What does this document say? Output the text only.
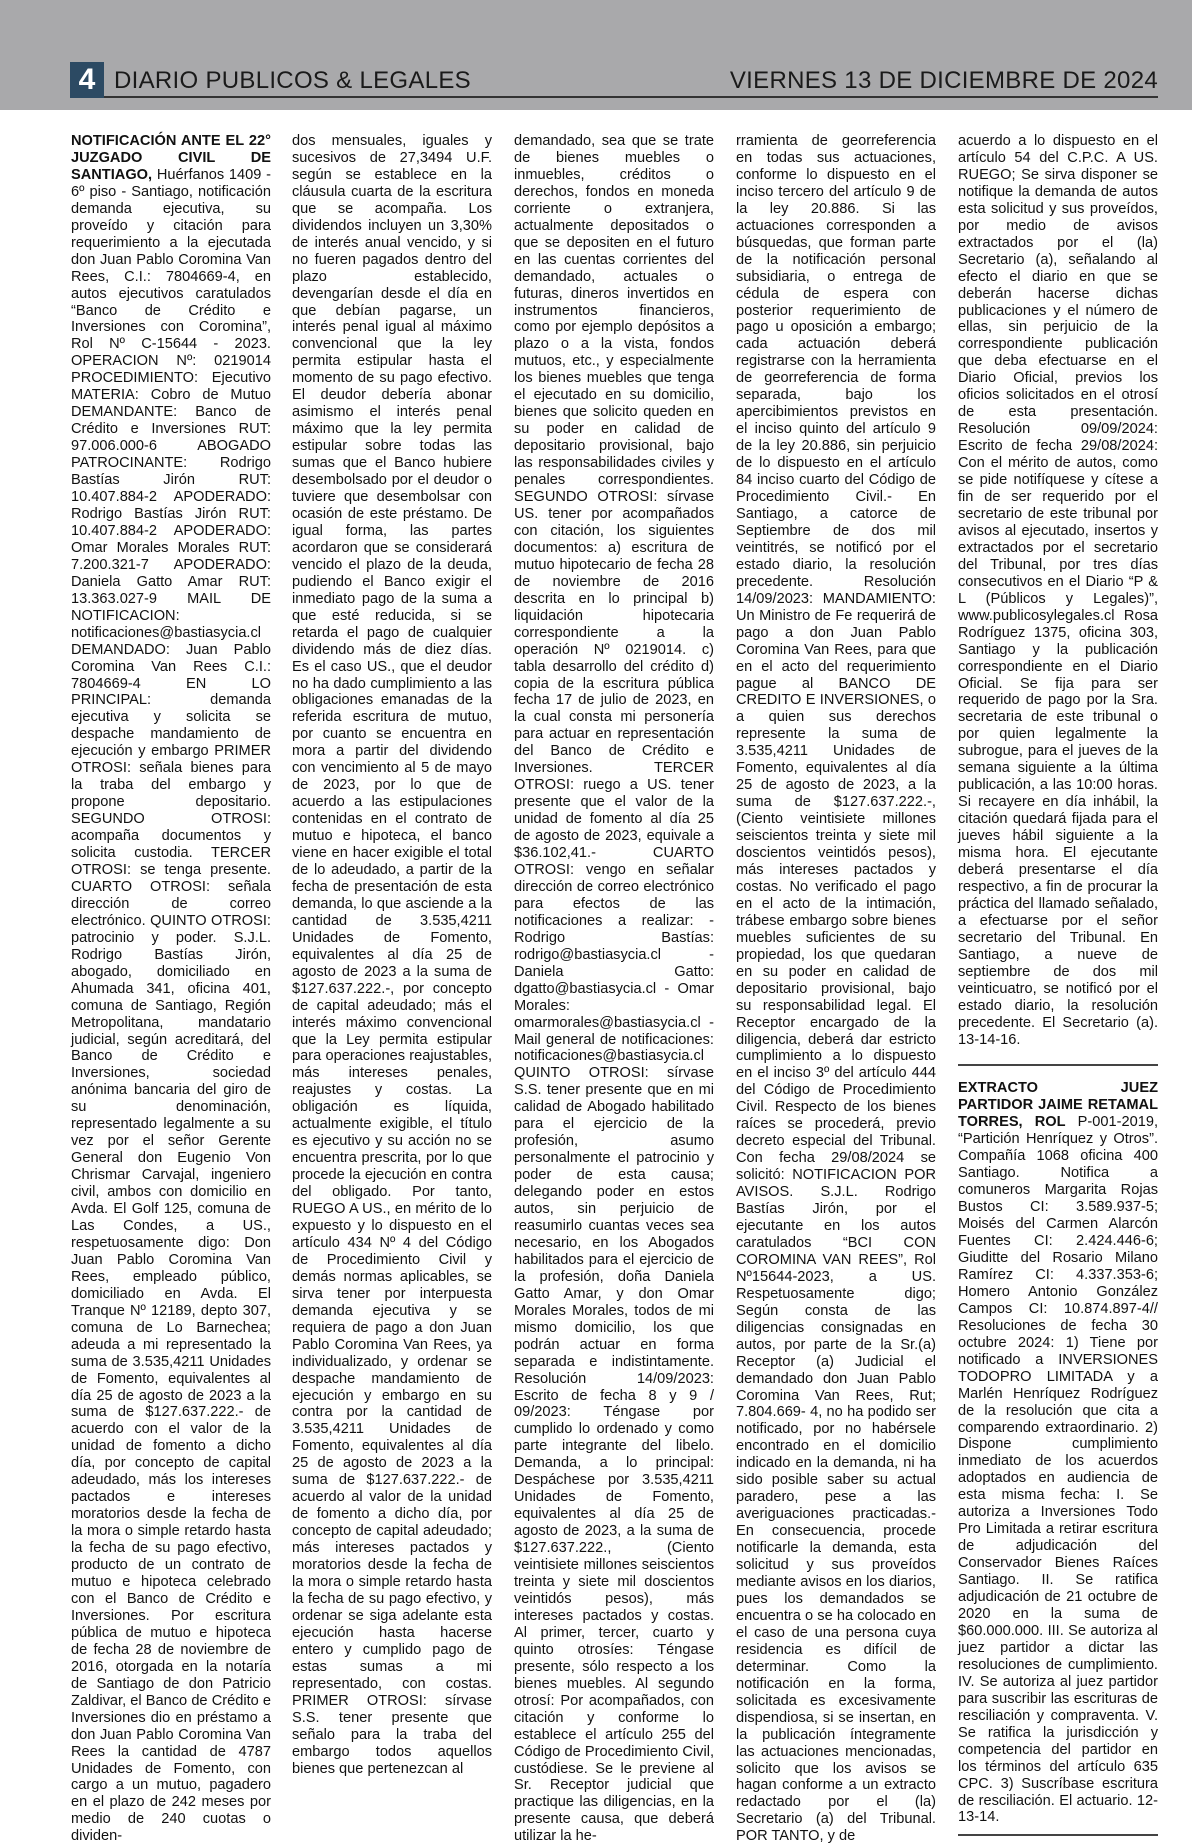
4 DIARIO PUBLICOS & LEGALES	VIERNES 13 DE DICIEMBRE DE 2024

NOTIFICACIÓN ANTE EL 22° JUZGADO CIVIL DE SANTIAGO, Huérfanos 1409 - 6º piso - Santiago, notificación demanda ejecutiva, su proveído y citación para requerimiento a la ejecutada don Juan Pablo Coromina Van Rees, C.I.: 7804669-4, en autos ejecutivos caratulados “Banco de Crédito e Inversiones con Coromina”, Rol Nº C-15644 - 2023. OPERACION Nº: 0219014 PROCEDIMIENTO: Ejecutivo MATERIA: Cobro de Mutuo DEMANDANTE: Banco de Crédito e Inversiones RUT: 97.006.000-6 ABOGADO PATROCINANTE: Rodrigo Bastías Jirón RUT: 10.407.884-2 APODERADO: Rodrigo Bastías Jirón RUT: 10.407.884-2 APODERADO: Omar Morales Morales RUT: 7.200.321-7 APODERADO: Daniela Gatto Amar RUT: 13.363.027-9 MAIL DE NOTIFICACION: notificaciones@bastiasycia.cl DEMANDADO: Juan Pablo Coromina Van Rees C.I.: 7804669-4 EN LO PRINCIPAL: demanda ejecutiva y solicita se despache mandamiento de ejecución y embargo PRIMER OTROSI: señala bienes para la traba del embargo y propone depositario. SEGUNDO OTROSI: acompaña documentos y solicita custodia. TERCER OTROSI: se tenga presente. CUARTO OTROSI: señala dirección de correo electrónico. QUINTO OTROSI: patrocinio y poder. S.J.L. Rodrigo Bastías Jirón, abogado, domiciliado en Ahumada 341, oficina 401, comuna de Santiago, Región Metropolitana, mandatario judicial, según acreditará, del Banco de Crédito e Inversiones, sociedad anónima bancaria del giro de su denominación, representado legalmente a su vez por el señor Gerente General don Eugenio Von Chrismar Carvajal, ingeniero civil, ambos con domicilio en Avda. El Golf 125, comuna de Las Condes, a US., respetuosamente digo: Don Juan Pablo Coromina Van Rees, empleado público, domiciliado en Avda. El Tranque Nº 12189, depto 307, comuna de Lo Barnechea; adeuda a mi representado la suma de 3.535,4211 Unidades de Fomento, equivalentes al día 25 de agosto de 2023 a la suma de $127.637.222.- de acuerdo con el valor de la unidad de fomento a dicho día, por concepto de capital adeudado, más los intereses pactados e intereses moratorios desde la fecha de la mora o simple retardo hasta la fecha de su pago efectivo, producto de un contrato de mutuo e hipoteca celebrado con el Banco de Crédito e Inversiones. Por escritura pública de mutuo e hipoteca de fecha 28 de noviembre de 2016, otorgada en la notaría de Santiago de don Patricio Zaldivar, el Banco de Crédito e Inversiones dio en préstamo a don Juan Pablo Coromina Van Rees la cantidad de 4787 Unidades de Fomento, con cargo a un mutuo, pagadero en el plazo de 242 meses por medio de 240 cuotas o dividen-

dos mensuales, iguales y sucesivos de 27,3494 U.F. según se establece en la cláusula cuarta de la escritura que se acompaña. Los dividendos incluyen un 3,30% de interés anual vencido, y si no fueren pagados dentro del plazo establecido, devengarían desde el día en que debían pagarse, un interés penal igual al máximo convencional que la ley permita estipular hasta el momento de su pago efectivo. El deudor debería abonar asimismo el interés penal máximo que la ley permita estipular sobre todas las sumas que el Banco hubiere desembolsado por el deudor o tuviere que desembolsar con ocasión de este préstamo. De igual forma, las partes acordaron que se considerará vencido el plazo de la deuda, pudiendo el Banco exigir el inmediato pago de la suma a que esté reducida, si se retarda el pago de cualquier dividendo más de diez días. Es el caso US., que el deudor no ha dado cumplimiento a las obligaciones emanadas de la referida escritura de mutuo, por cuanto se encuentra en mora a partir del dividendo con vencimiento al 5 de mayo de 2023, por lo que de acuerdo a las estipulaciones contenidas en el contrato de mutuo e hipoteca, el banco viene en hacer exigible el total de lo adeudado, a partir de la fecha de presentación de esta demanda, lo que asciende a la cantidad de 3.535,4211 Unidades de Fomento, equivalentes al día 25 de agosto de 2023 a la suma de $127.637.222.-, por concepto de capital adeudado; más el interés máximo convencional que la Ley permita estipular para operaciones reajustables, más intereses penales, reajustes y costas. La obligación es líquida, actualmente exigible, el título es ejecutivo y su acción no se encuentra prescrita, por lo que procede la ejecución en contra del obligado. Por tanto, RUEGO A US., en mérito de lo expuesto y lo dispuesto en el artículo 434 Nº 4 del Código de Procedimiento Civil y demás normas aplicables, se sirva tener por interpuesta demanda ejecutiva y se requiera de pago a don Juan Pablo Coromina Van Rees, ya individualizado, y ordenar se despache mandamiento de ejecución y embargo en su contra por la cantidad de 3.535,4211 Unidades de Fomento, equivalentes al día 25 de agosto de 2023 a la suma de $127.637.222.- de acuerdo al valor de la unidad de fomento a dicho día, por concepto de capital adeudado; más intereses pactados y moratorios desde la fecha de la mora o simple retardo hasta la fecha de su pago efectivo, y ordenar se siga adelante esta ejecución hasta hacerse entero y cumplido pago de estas sumas a mi representado, con costas. PRIMER OTROSI: sírvase S.S. tener presente que señalo para la traba del embargo todos aquellos bienes que pertenezcan al

demandado, sea que se trate de bienes muebles o inmuebles, créditos o derechos, fondos en moneda corriente o extranjera, actualmente depositados o que se depositen en el futuro en las cuentas corrientes del demandado, actuales o futuras, dineros invertidos en instrumentos financieros, como por ejemplo depósitos a plazo o a la vista, fondos mutuos, etc., y especialmente los bienes muebles que tenga el ejecutado en su domicilio, bienes que solicito queden en su poder en calidad de depositario provisional, bajo las responsabilidades civiles y penales correspondientes. SEGUNDO OTROSI: sírvase US. tener por acompañados con citación, los siguientes documentos: a) escritura de mutuo hipotecario de fecha 28 de noviembre de 2016 descrita en lo principal b) liquidación hipotecaria correspondiente a la operación Nº 0219014. c) tabla desarrollo del crédito d) copia de la escritura pública fecha 17 de julio de 2023, en la cual consta mi personería para actuar en representación del Banco de Crédito e Inversiones. TERCER OTROSI: ruego a US. tener presente que el valor de la unidad de fomento al día 25 de agosto de 2023, equivale a $36.102,41.- CUARTO OTROSI: vengo en señalar dirección de correo electrónico para efectos de las notificaciones a realizar: - Rodrigo Bastías: rodrigo@bastiasycia.cl - Daniela Gatto: dgatto@bastiasycia.cl - Omar Morales: omarmorales@bastiasycia.cl - Mail general de notificaciones: notificaciones@bastiasycia.cl QUINTO OTROSI: sírvase S.S. tener presente que en mi calidad de Abogado habilitado para el ejercicio de la profesión, asumo personalmente el patrocinio y poder de esta causa; delegando poder en estos autos, sin perjuicio de reasumirlo cuantas veces sea necesario, en los Abogados habilitados para el ejercicio de la profesión, doña Daniela Gatto Amar, y don Omar Morales Morales, todos de mi mismo domicilio, los que podrán actuar en forma separada e indistintamente. Resolución 14/09/2023: Escrito de fecha 8 y 9 / 09/2023: Téngase por cumplido lo ordenado y como parte integrante del libelo. Demanda, a lo principal: Despáchese por 3.535,4211 Unidades de Fomento, equivalentes al día 25 de agosto de 2023, a la suma de $127.637.222., (Ciento veintisiete millones seiscientos treinta y siete mil doscientos veintidós pesos), más intereses pactados y costas. Al primer, tercer, cuarto y quinto otrosíes: Téngase presente, sólo respecto a los bienes muebles. Al segundo otrosí: Por acompañados, con citación y conforme lo establece el artículo 255 del Código de Procedimiento Civil, custódiese. Se le previene al Sr. Receptor judicial que practique las diligencias, en la presente causa, que deberá utilizar la he-

rramienta de georreferencia en todas sus actuaciones, conforme lo dispuesto en el inciso tercero del artículo 9 de la ley 20.886. Si las actuaciones corresponden a búsquedas, que forman parte de la notificación personal subsidiaria, o entrega de cédula de espera con posterior requerimiento de pago u oposición a embargo; cada actuación deberá registrarse con la herramienta de georreferencia de forma separada, bajo los apercibimientos previstos en el inciso quinto del artículo 9 de la ley 20.886, sin perjuicio de lo dispuesto en el artículo 84 inciso cuarto del Código de Procedimiento Civil.- En Santiago, a catorce de Septiembre de dos mil veintitrés, se notificó por el estado diario, la resolución precedente. Resolución 14/09/2023: MANDAMIENTO: Un Ministro de Fe requerirá de pago a don Juan Pablo Coromina Van Rees, para que en el acto del requerimiento pague al BANCO DE CREDITO E INVERSIONES, o a quien sus derechos represente la suma de 3.535,4211 Unidades de Fomento, equivalentes al día 25 de agosto de 2023, a la suma de $127.637.222.-, (Ciento veintisiete millones seiscientos treinta y siete mil doscientos veintidós pesos), más intereses pactados y costas. No verificado el pago en el acto de la intimación, trábese embargo sobre bienes muebles suficientes de su propiedad, los que quedaran en su poder en calidad de depositario provisional, bajo su responsabilidad legal. El Receptor encargado de la diligencia, deberá dar estricto cumplimiento a lo dispuesto en el inciso 3º del artículo 444 del Código de Procedimiento Civil. Respecto de los bienes raíces se procederá, previo decreto especial del Tribunal. Con fecha 29/08/2024 se solicitó: NOTIFICACION POR AVISOS. S.J.L. Rodrigo Bastías Jirón, por el ejecutante en los autos caratulados “BCI CON COROMINA VAN REES”, Rol Nº15644-2023, a US. Respetuosamente digo; Según consta de las diligencias consignadas en autos, por parte de la Sr.(a) Receptor (a) Judicial el demandado don Juan Pablo Coromina Van Rees, Rut; 7.804.669- 4, no ha podido ser notificado, por no habérsele encontrado en el domicilio indicado en la demanda, ni ha sido posible saber su actual paradero, pese a las averiguaciones practicadas.- En consecuencia, procede notificarle la demanda, esta solicitud y sus proveídos mediante avisos en los diarios, pues los demandados se encuentra o se ha colocado en el caso de una persona cuya residencia es difícil de determinar. Como la notificación en la forma, solicitada es excesivamente dispendiosa, si se insertan, en la publicación íntegramente las actuaciones mencionadas, solicito que los avisos se hagan conforme a un extracto redactado por el (la) Secretario (a) del Tribunal. POR TANTO, y de

acuerdo a lo dispuesto en el artículo 54 del C.P.C. A US. RUEGO; Se sirva disponer se notifique la demanda de autos esta solicitud y sus proveídos, por medio de avisos extractados por el (la) Secretario (a), señalando al efecto el diario en que se deberán hacerse dichas publicaciones y el número de ellas, sin perjuicio de la correspondiente publicación que deba efectuarse en el Diario Oficial, previos los oficios solicitados en el otrosí de esta presentación. Resolución 09/09/2024: Escrito de fecha 29/08/2024: Con el mérito de autos, como se pide notifíquese y cítese a fin de ser requerido por el secretario de este tribunal por avisos al ejecutado, insertos y extractados por el secretario del Tribunal, por tres días consecutivos en el Diario “P & L (Públicos y Legales)”, www.publicosylegales.cl Rosa Rodríguez 1375, oficina 303, Santiago y la publicación correspondiente en el Diario Oficial. Se fija para ser requerido de pago por la Sra. secretaria de este tribunal o por quien legalmente la subrogue, para el jueves de la semana siguiente a la última publicación, a las 10:00 horas. Si recayere en día inhábil, la citación quedará fijada para el jueves hábil siguiente a la misma hora. El ejecutante deberá presentarse el día respectivo, a fin de procurar la práctica del llamado señalado, a efectuarse por el señor secretario del Tribunal. En Santiago, a nueve de septiembre de dos mil veinticuatro, se notificó por el estado diario, la resolución precedente. El Secretario (a). 13-14-16.

EXTRACTO JUEZ PARTIDOR JAIME RETAMAL TORRES, ROL P-001-2019, “Partición Henríquez y Otros”. Compañía 1068 oficina 400 Santiago. Notifica a comuneros Margarita Rojas Bustos CI: 3.589.937-5; Moisés del Carmen Alarcón Fuentes CI: 2.424.446-6; Giuditte del Rosario Milano Ramírez CI: 4.337.353-6; Homero Antonio González Campos CI: 10.874.897-4// Resoluciones de fecha 30 octubre 2024: 1) Tiene por notificado a INVERSIONES TODOPRO LIMITADA y a Marlén Henríquez Rodríguez de la resolución que cita a comparendo extraordinario. 2) Dispone cumplimiento inmediato de los acuerdos adoptados en audiencia de esta misma fecha: I. Se autoriza a Inversiones Todo Pro Limitada a retirar escritura de adjudicación del Conservador Bienes Raíces Santiago. II. Se ratifica adjudicación de 21 octubre de 2020 en la suma de $60.000.000. III. Se autoriza al juez partidor a dictar las resoluciones de cumplimiento. IV. Se autoriza al juez partidor para suscribir las escrituras de resciliación y compraventa. V. Se ratifica la jurisdicción y competencia del partidor en los términos del artículo 635 CPC. 3) Suscríbase escritura de resciliación. El actuario. 12-13-14.
